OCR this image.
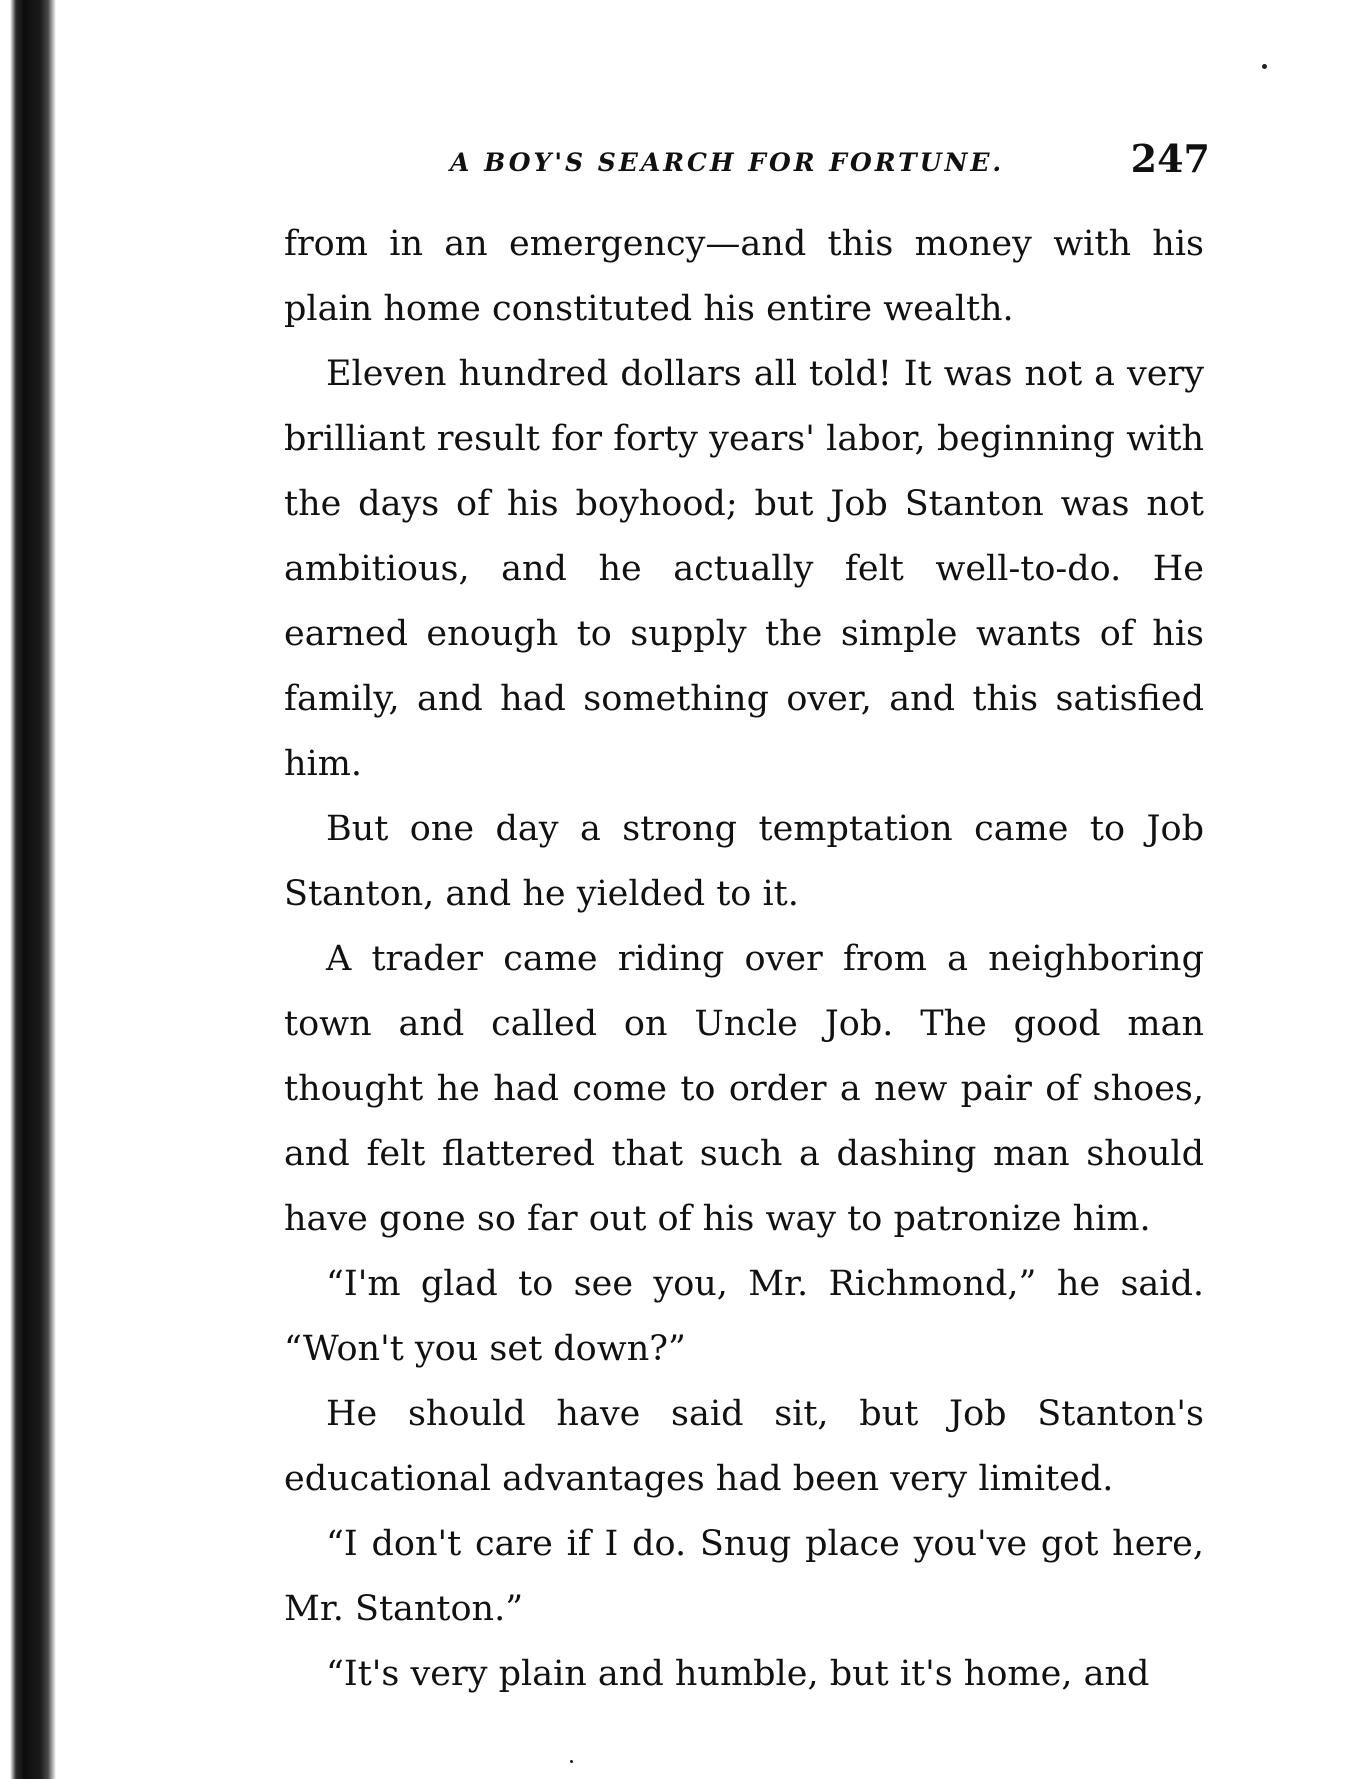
A BOY'S SEARCH FOR FORTUNE.	247

from in an emergency—and this money with his plain home constituted his entire wealth.

Eleven hundred dollars all told! It was not a very brilliant result for forty years' labor, beginning with the days of his boyhood; but Job Stanton was not ambitious, and he actually felt well-to-do. He earned enough to supply the simple wants of his family, and had something over, and this satisfied him.

But one day a strong temptation came to Job Stanton, and he yielded to it.

A trader came riding over from a neighboring town and called on Uncle Job. The good man thought he had come to order a new pair of shoes, and felt flattered that such a dashing man should have gone so far out of his way to patronize him.

“I'm glad to see you, Mr. Richmond,” he said. “Won't you set down?”

He should have said sit, but Job Stanton's educational advantages had been very limited.

“I don't care if I do. Snug place you've got here, Mr. Stanton.”

“It's very plain and humble, but it's home, and
